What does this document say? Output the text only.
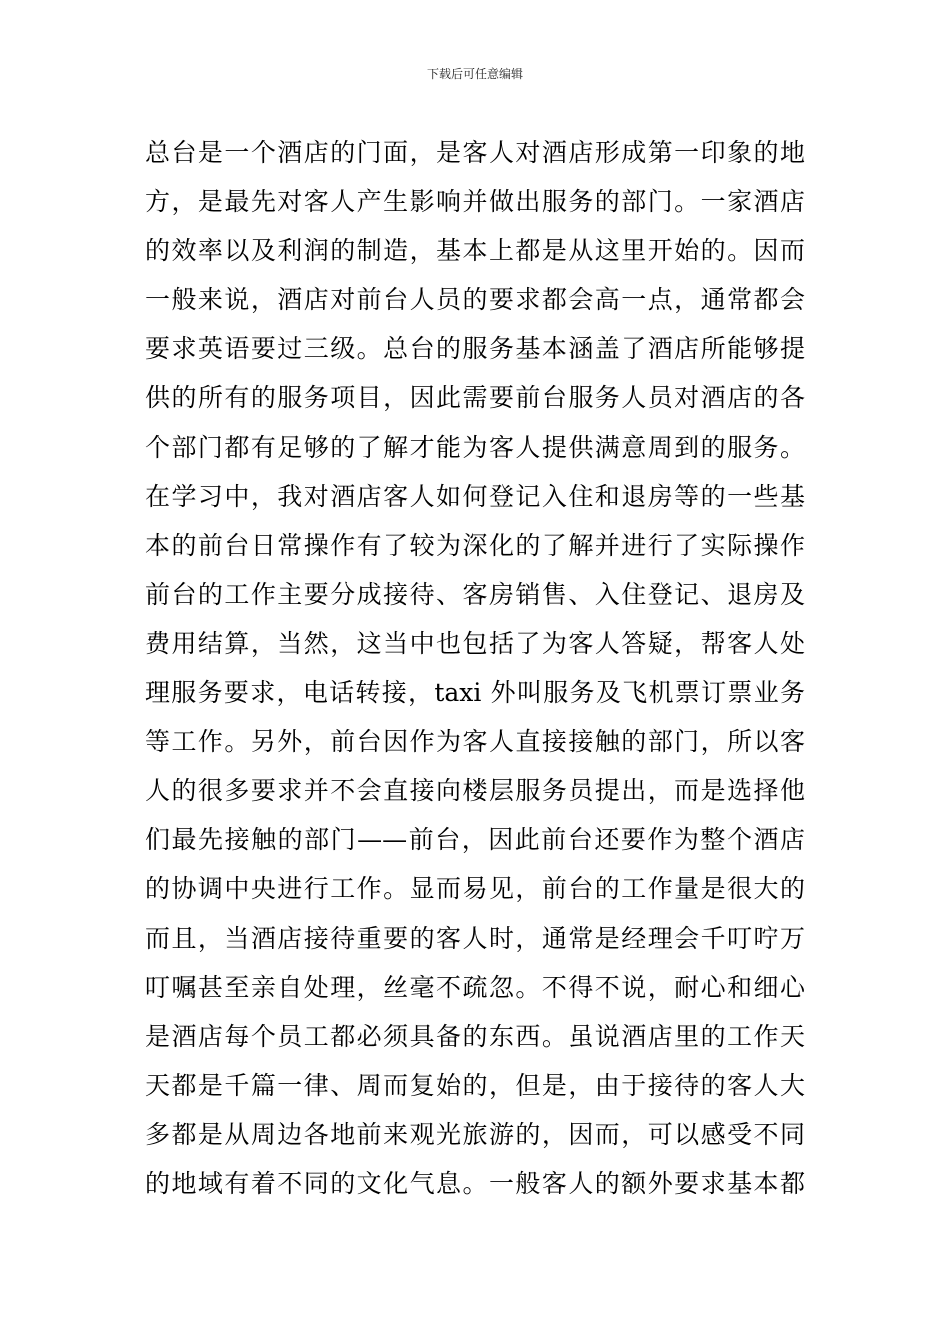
下载后可任意编辑
总台是一个酒店的门面，是客人对酒店形成第一印象的地
方，是最先对客人产生影响并做出服务的部门。一家酒店
的效率以及利润的制造，基本上都是从这里开始的。因而
一般来说，酒店对前台人员的要求都会高一点，通常都会
要求英语要过三级。总台的服务基本涵盖了酒店所能够提
供的所有的服务项目，因此需要前台服务人员对酒店的各
个部门都有足够的了解才能为客人提供满意周到的服务。
在学习中，我对酒店客人如何登记入住和退房等的一些基
本的前台日常操作有了较为深化的了解并进行了实际操作
前台的工作主要分成接待、客房销售、入住登记、退房及
费用结算，当然，这当中也包括了为客人答疑，帮客人处
理服务要求，电话转接，taxi 外叫服务及飞机票订票业务
等工作。另外，前台因作为客人直接接触的部门，所以客
人的很多要求并不会直接向楼层服务员提出，而是选择他
们最先接触的部门——前台，因此前台还要作为整个酒店
的协调中央进行工作。显而易见，前台的工作量是很大的
而且，当酒店接待重要的客人时，通常是经理会千叮咛万
叮嘱甚至亲自处理，丝毫不疏忽。不得不说，耐心和细心
是酒店每个员工都必须具备的东西。虽说酒店里的工作天
天都是千篇一律、周而复始的，但是，由于接待的客人大
多都是从周边各地前来观光旅游的，因而，可以感受不同
的地域有着不同的文化气息。一般客人的额外要求基本都
